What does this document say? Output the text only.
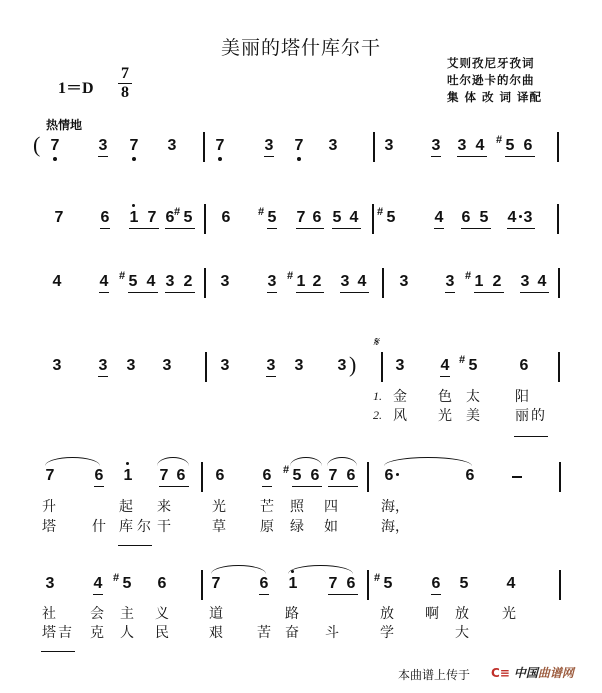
美丽的塔什库尔干
艾则孜尼牙孜词
吐尔逊卡的尔曲
集 体 改 词 译配
1＝D
7
8
热情地
7 3 7 3 7	3 7 3	3 3 3 4 5
# 6
(
7 6 1 7 6 5
#	6 5
# 7 6 5 4 5
#	4 6 5 4 3
4 4 5
# 4 3 2 3 3 1
# 2 3 4 3 3 1
# 2 3 4
3 3 3 3	3 3 3 3	3 4 5
#	6
)
𝄋
7	6 1 7 6 6 6 5
# 6 7 6 6	6
3 4 5
# 6	7 6 1 7 6 5
#	6 5 4
1.
2.
金 色 太	阳
风 光 美	丽 的
升	起 来	光 芒 照 四	海，
塔	什 库 尔 干	草 原 绿 如	海，
社 会 主 义	道	路	放 啊 放 光
塔 吉 克 人 民	艰 苦 奋 斗	学	大
本曲谱上传于 C≡ 中国曲谱网
